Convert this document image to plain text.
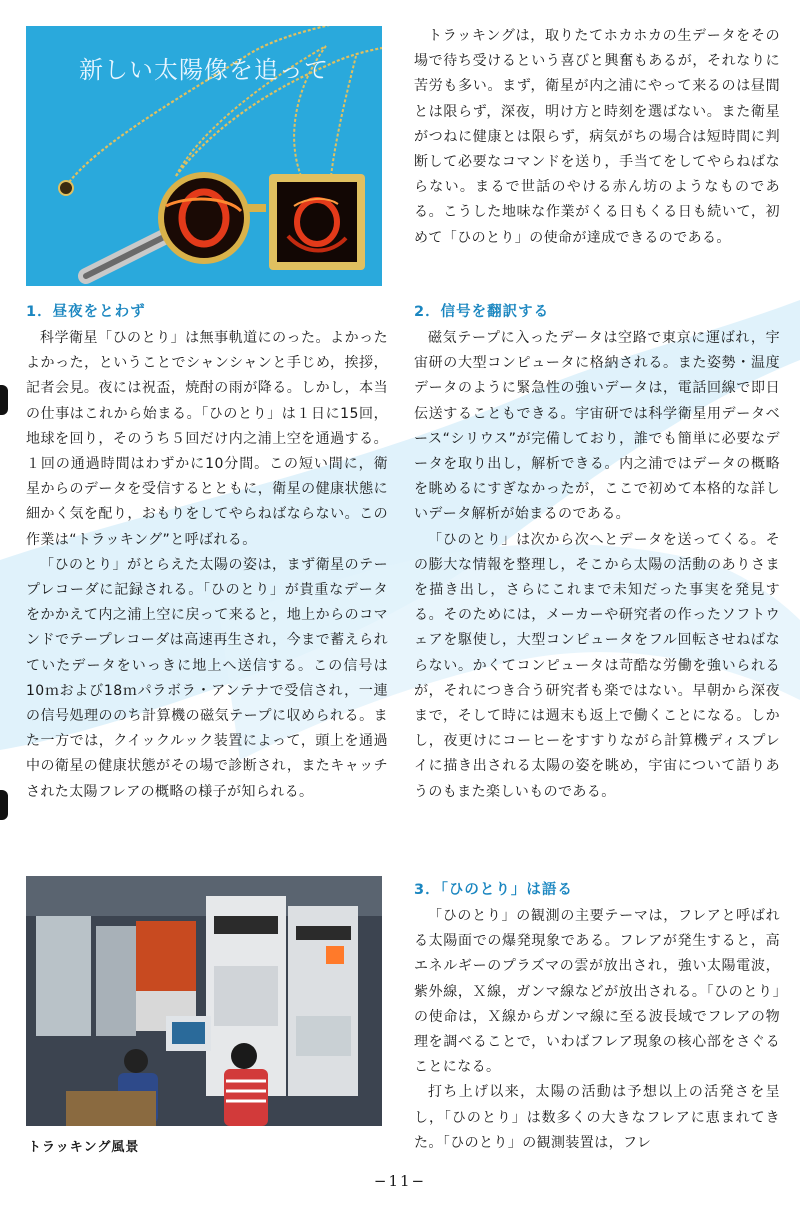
新しい太陽像を追って
1．昼夜をとわず

科学衛星「ひのとり」は無事軌道にのった。よかったよかった，ということでシャンシャンと手じめ，挨拶，記者会見。夜には祝盃，焼酎の雨が降る。しかし，本当の仕事はこれから始まる。「ひのとり」は１日に15回，地球を回り，そのうち５回だけ内之浦上空を通過する。１回の通過時間はわずかに10分間。この短い間に，衛星からのデータを受信するとともに，衛星の健康状態に細かく気を配り，おもりをしてやらねばならない。この作業は“トラッキング”と呼ばれる。

「ひのとり」がとらえた太陽の姿は，まず衛星のテープレコーダに記録される。「ひのとり」が貴重なデータをかかえて内之浦上空に戻って来ると，地上からのコマンドでテープレコーダは高速再生され，今まで蓄えられていたデータをいっきに地上へ送信する。この信号は10ｍおよび18ｍパラボラ・アンテナで受信され，一連の信号処理ののち計算機の磁気テープに収められる。また一方では，クイックルック装置によって，頭上を通過中の衛星の健康状態がその場で診断され，またキャッチされた太陽フレアの概略の様子が知られる。

トラッキング風景

トラッキングは，取りたてホカホカの生データをその場で待ち受けるという喜びと興奮もあるが，それなりに苦労も多い。まず，衛星が内之浦にやって来るのは昼間とは限らず，深夜，明け方と時刻を選ばない。また衛星がつねに健康とは限らず，病気がちの場合は短時間に判断して必要なコマンドを送り，手当てをしてやらねばならない。まるで世話のやける赤ん坊のようなものである。こうした地味な作業がくる日もくる日も続いて，初めて「ひのとり」の使命が達成できるのである。

2．信号を翻訳する

磁気テープに入ったデータは空路で東京に運ばれ，宇宙研の大型コンピュータに格納される。また姿勢・温度データのように緊急性の強いデータは，電話回線で即日伝送することもできる。宇宙研では科学衛星用データベース“シリウス”が完備しており，誰でも簡単に必要なデータを取り出し，解析できる。内之浦ではデータの概略を眺めるにすぎなかったが，ここで初めて本格的な詳しいデータ解析が始まるのである。

「ひのとり」は次から次へとデータを送ってくる。その膨大な情報を整理し，そこから太陽の活動のありさまを描き出し，さらにこれまで未知だった事実を発見する。そのためには，メーカーや研究者の作ったソフトウェアを駆使し，大型コンピュータをフル回転させねばならない。かくてコンピュータは苛酷な労働を強いられるが，それにつき合う研究者も楽ではない。早朝から深夜まで，そして時には週末も返上で働くことになる。しかし，夜更けにコーヒーをすすりながら計算機ディスプレイに描き出される太陽の姿を眺め，宇宙について語りあうのもまた楽しいものである。

3．「ひのとり」は語る

「ひのとり」の観測の主要テーマは，フレアと呼ばれる太陽面での爆発現象である。フレアが発生すると，高エネルギーのプラズマの雲が放出され，強い太陽電波，紫外線，Ｘ線，ガンマ線などが放出される。「ひのとり」の使命は，Ｘ線からガンマ線に至る波長域でフレアの物理を調べることで，いわばフレア現象の核心部をさぐることになる。

打ち上げ以来，太陽の活動は予想以上の活発さを呈し，「ひのとり」は数多くの大きなフレアに恵まれてきた。「ひのとり」の観測装置は，フレ

−11−
